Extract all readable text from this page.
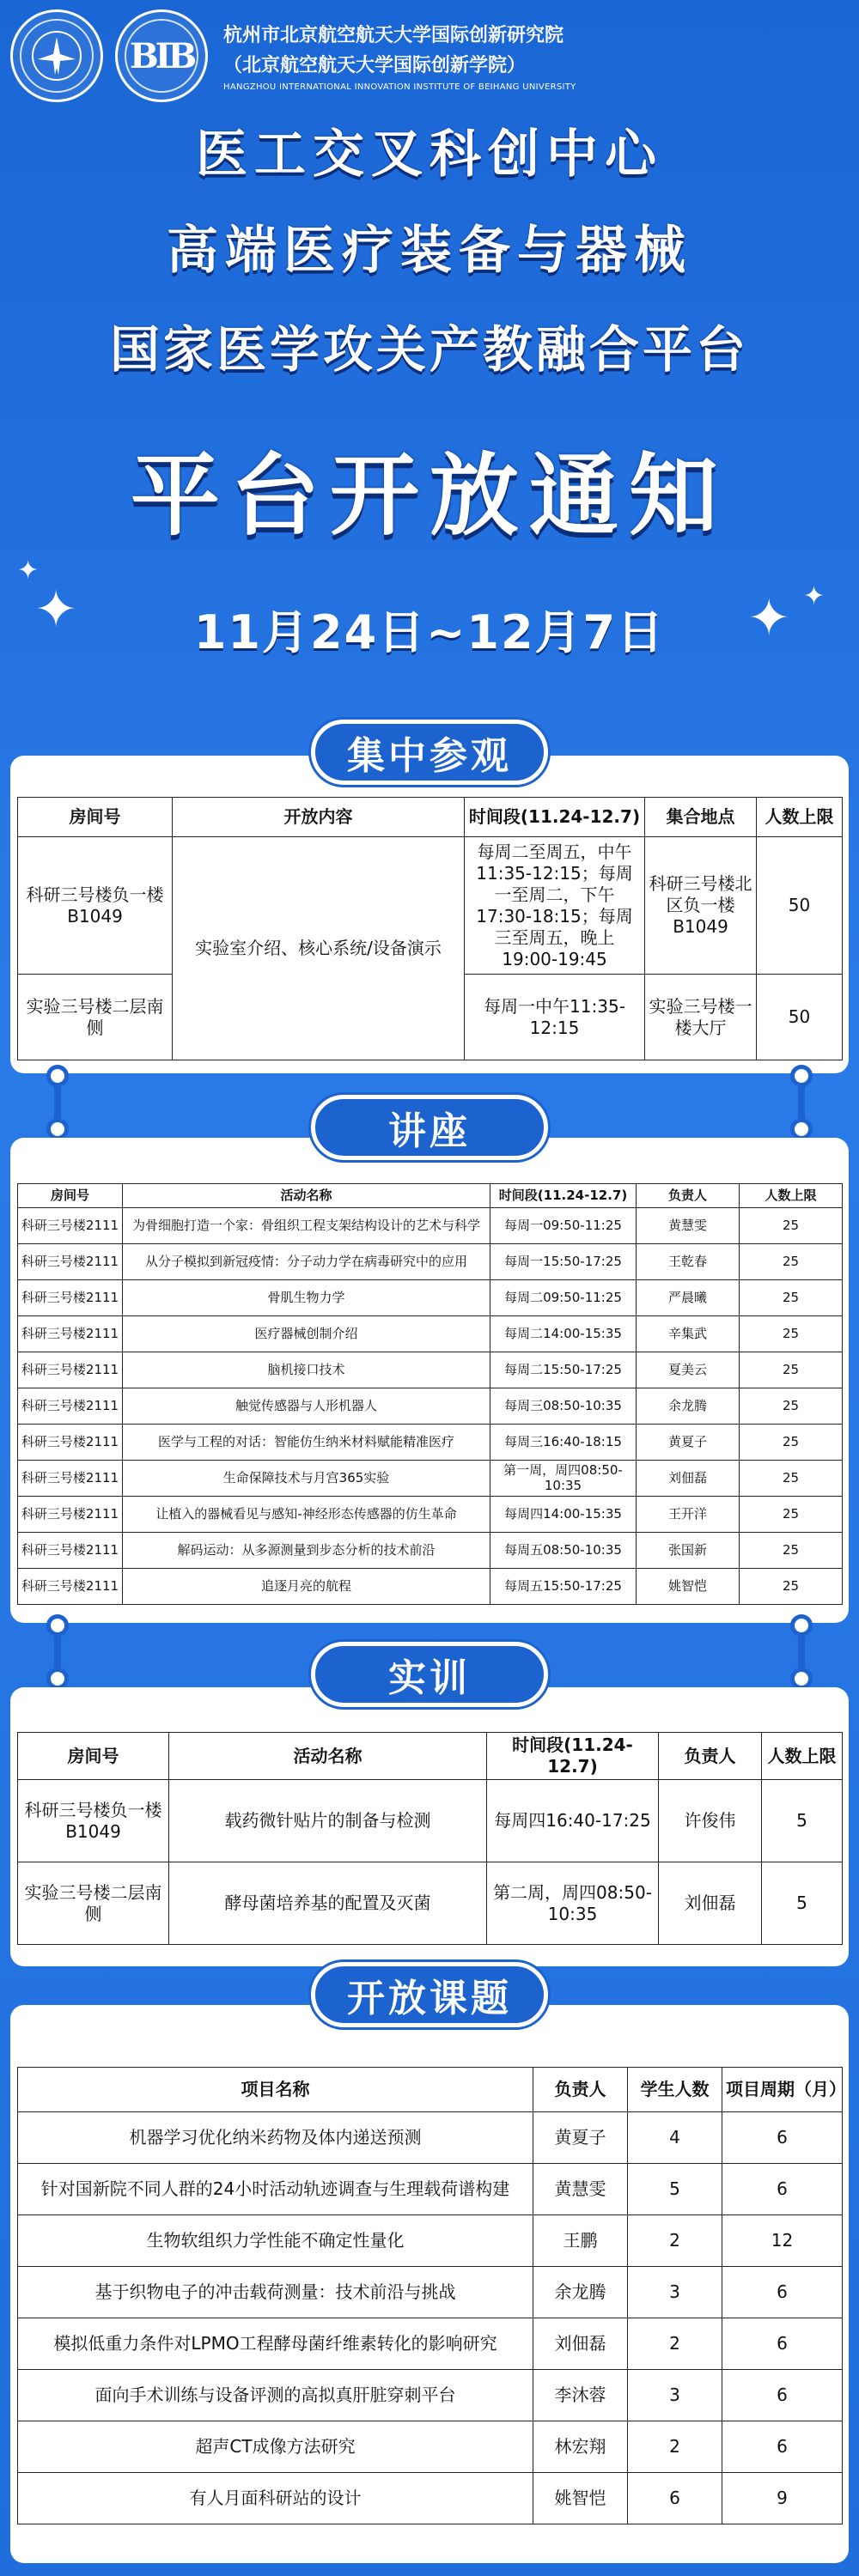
BIB
杭州市北京航空航天大学国际创新研究院
（北京航空航天大学国际创新学院）
HANGZHOU INTERNATIONAL INNOVATION INSTITUTE OF BEIHANG UNIVERSITY
医工交叉科创中心
高端医疗装备与器械
国家医学攻关产教融合平台
平台开放通知
11月24日~12月7日
✦
✦
✦ ✦
房间号	开放内容	时间段(11.24-12.7)	集合地点	人数上限
科研三号楼负一楼B1049	实验室介绍、核心系统/设备演示	每周二至周五，中午11:35-12:15；每周一至周二，下午17:30-18:15；每周三至周五，晚上19:00-19:45	科研三号楼北区负一楼B1049	50
实验三号楼二层南侧		每周一中午11:35-12:15	实验三号楼一楼大厅	50
集中参观
房间号	活动名称	时间段(11.24-12.7)	负责人	人数上限
科研三号楼2111	为骨细胞打造一个家：骨组织工程支架结构设计的艺术与科学	每周一09:50-11:25	黄慧雯	25
科研三号楼2111	从分子模拟到新冠疫情：分子动力学在病毒研究中的应用	每周一15:50-17:25	王乾春	25
科研三号楼2111	骨肌生物力学	每周二09:50-11:25	严晨曦	25
科研三号楼2111	医疗器械创制介绍	每周二14:00-15:35	辛集武	25
科研三号楼2111	脑机接口技术	每周二15:50-17:25	夏美云	25
科研三号楼2111	触觉传感器与人形机器人	每周三08:50-10:35	余龙腾	25
科研三号楼2111	医学与工程的对话：智能仿生纳米材料赋能精准医疗	每周三16:40-18:15	黄夏子	25
科研三号楼2111	生命保障技术与月宫365实验	第一周，周四08:50-10:35	刘佃磊	25
科研三号楼2111	让植入的器械看见与感知-神经形态传感器的仿生革命	每周四14:00-15:35	王开洋	25
科研三号楼2111	解码运动：从多源测量到步态分析的技术前沿	每周五08:50-10:35	张国新	25
科研三号楼2111	追逐月亮的航程	每周五15:50-17:25	姚智恺	25
讲座
房间号	活动名称	时间段(11.24-12.7)	负责人	人数上限
科研三号楼负一楼B1049	载药微针贴片的制备与检测	每周四16:40-17:25	许俊伟	5
实验三号楼二层南侧	酵母菌培养基的配置及灭菌	第二周，周四08:50-10:35	刘佃磊	5
实训
项目名称	负责人	学生人数	项目周期（月）
机器学习优化纳米药物及体内递送预测	黄夏子	4	6
针对国新院不同人群的24小时活动轨迹调查与生理载荷谱构建	黄慧雯	5	6
生物软组织力学性能不确定性量化	王鹏	2	12
基于织物电子的冲击载荷测量：技术前沿与挑战	余龙腾	3	6
模拟低重力条件对LPMO工程酵母菌纤维素转化的影响研究	刘佃磊	2	6
面向手术训练与设备评测的高拟真肝脏穿刺平台	李沐蓉	3	6
超声CT成像方法研究	林宏翔	2	6
有人月面科研站的设计	姚智恺	6	9
开放课题
